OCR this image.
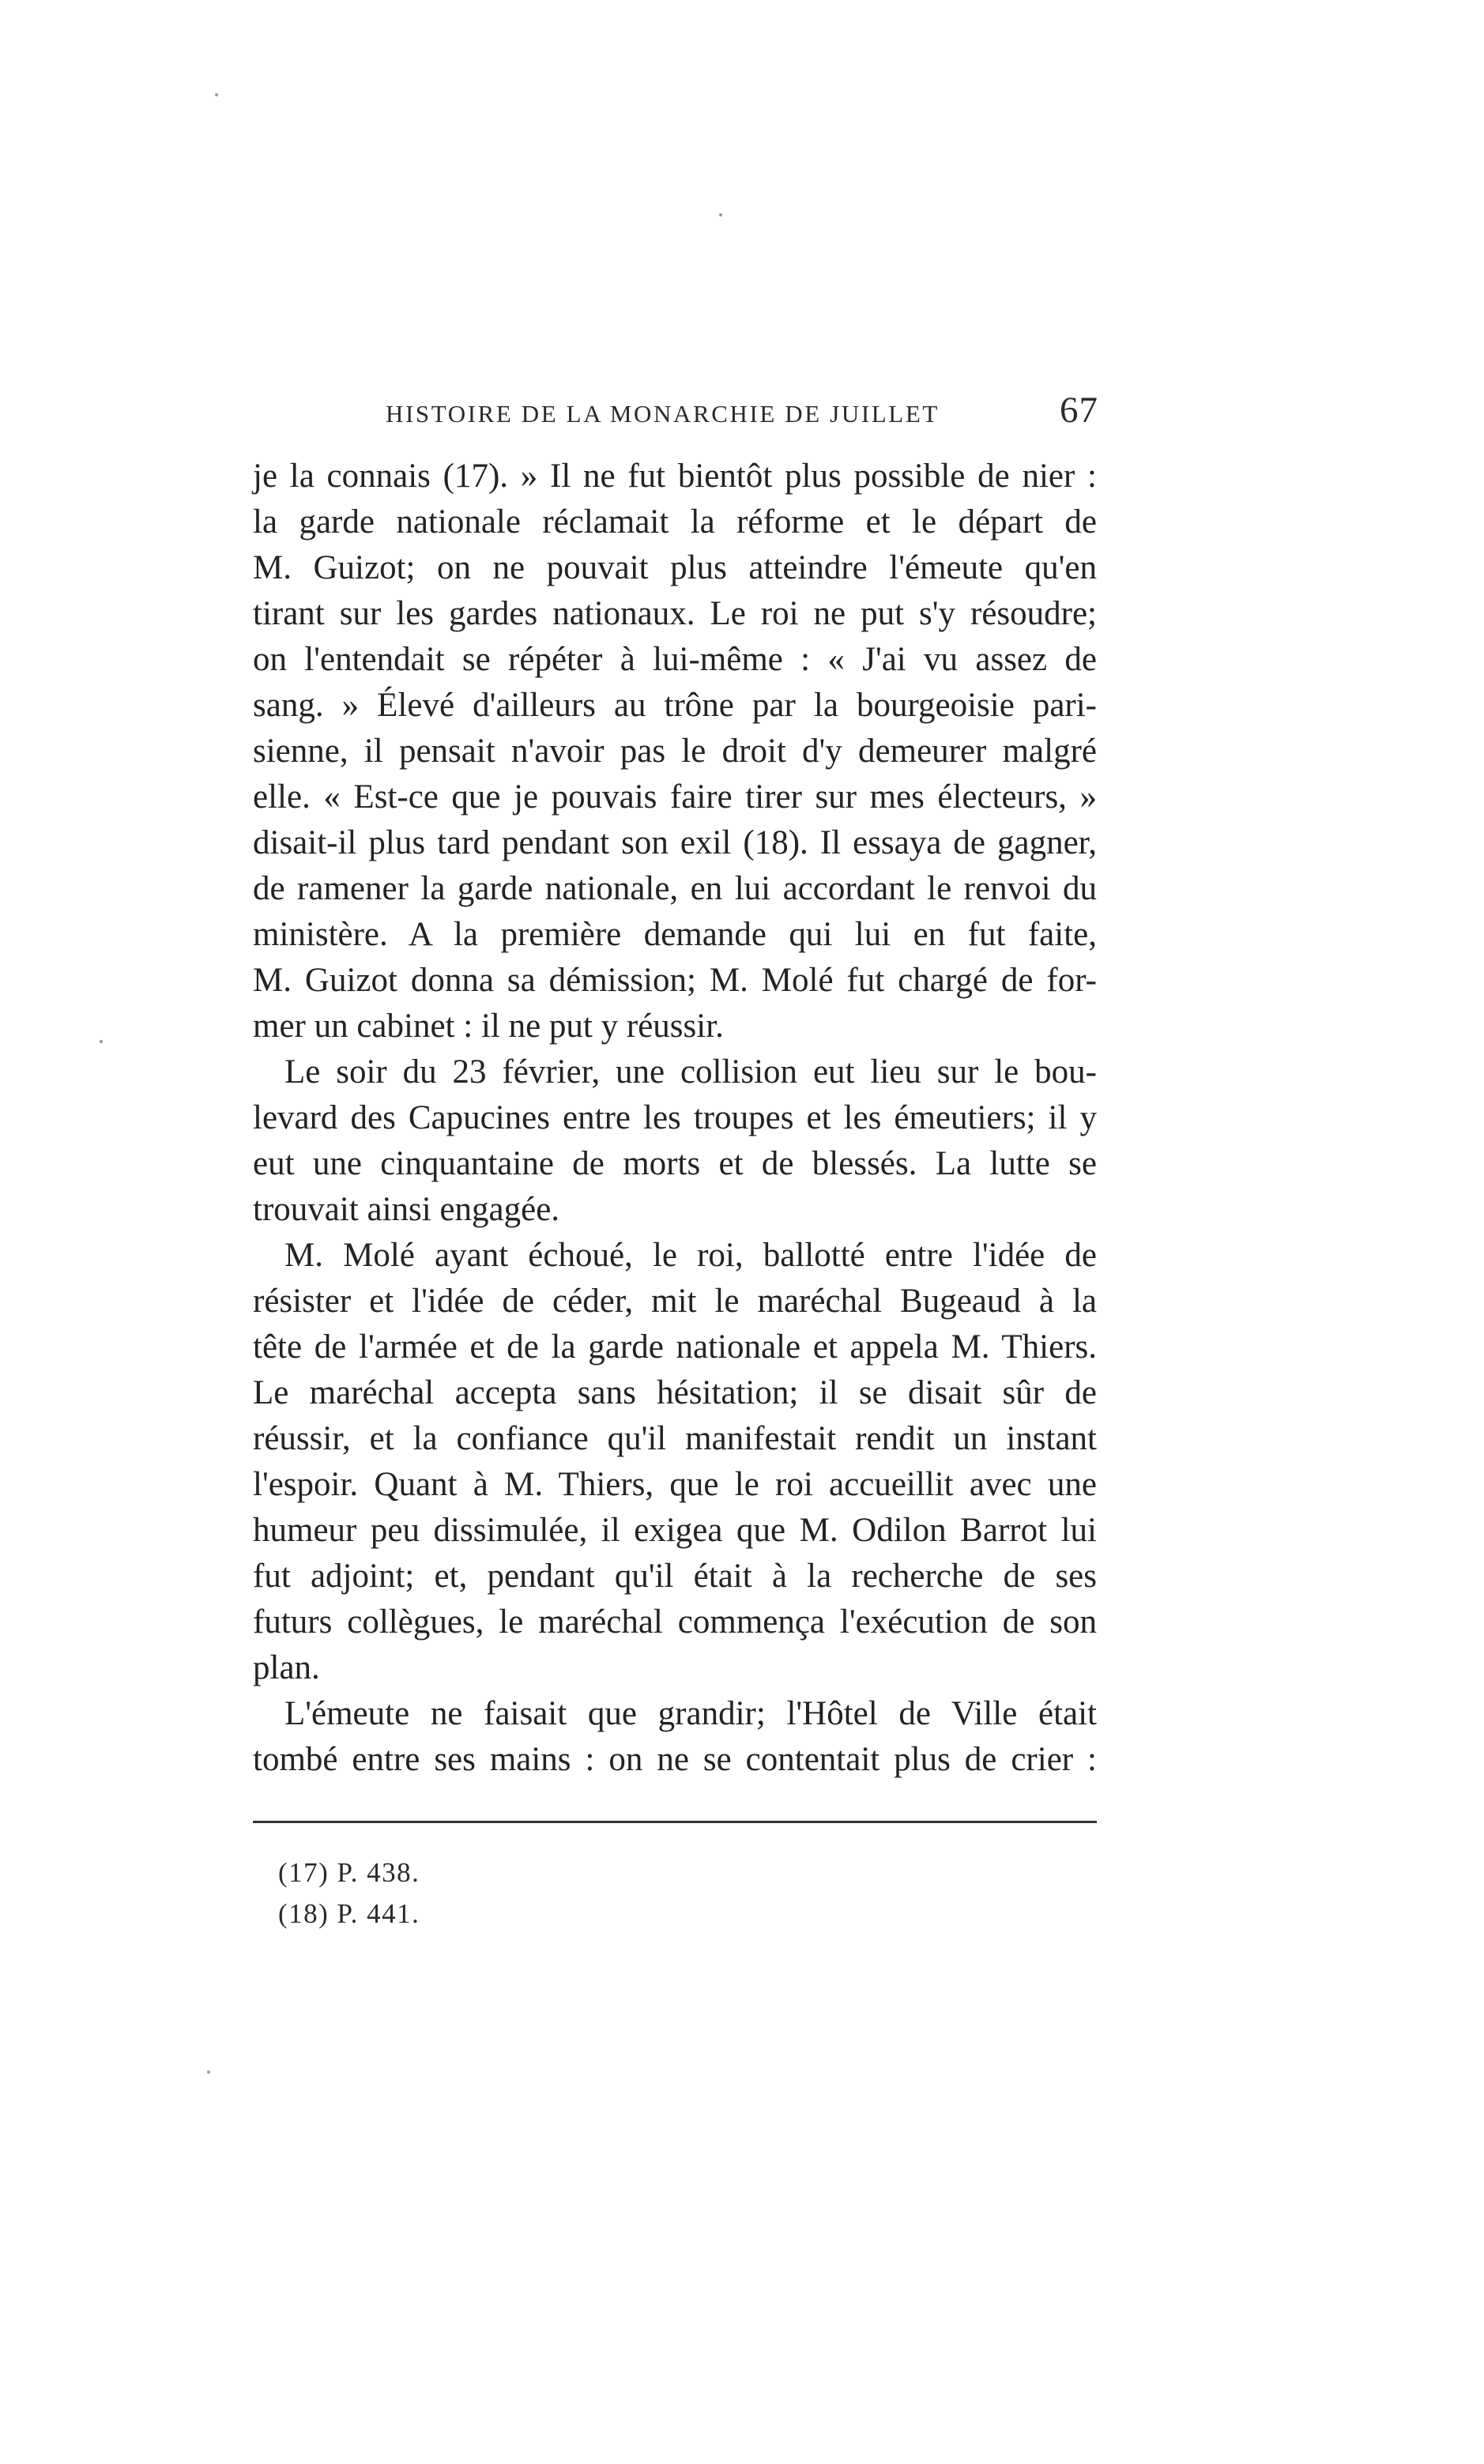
HISTOIRE DE LA MONARCHIE DE JUILLET	67

je la connais (17). » Il ne fut bientôt plus possible de nier :
la garde nationale réclamait la réforme et le départ de
M. Guizot; on ne pouvait plus atteindre l'émeute qu'en
tirant sur les gardes nationaux. Le roi ne put s'y résoudre;
on l'entendait se répéter à lui-même : « J'ai vu assez de
sang. » Élevé d'ailleurs au trône par la bourgeoisie pari-
sienne, il pensait n'avoir pas le droit d'y demeurer malgré
elle. « Est-ce que je pouvais faire tirer sur mes électeurs, »
disait-il plus tard pendant son exil (18). Il essaya de gagner,
de ramener la garde nationale, en lui accordant le renvoi du
ministère. A la première demande qui lui en fut faite,
M. Guizot donna sa démission; M. Molé fut chargé de for-
mer un cabinet : il ne put y réussir.

Le soir du 23 février, une collision eut lieu sur le bou-
levard des Capucines entre les troupes et les émeutiers; il y
eut une cinquantaine de morts et de blessés. La lutte se
trouvait ainsi engagée.

M. Molé ayant échoué, le roi, ballotté entre l'idée de
résister et l'idée de céder, mit le maréchal Bugeaud à la
tête de l'armée et de la garde nationale et appela M. Thiers.
Le maréchal accepta sans hésitation; il se disait sûr de
réussir, et la confiance qu'il manifestait rendit un instant
l'espoir. Quant à M. Thiers, que le roi accueillit avec une
humeur peu dissimulée, il exigea que M. Odilon Barrot lui
fut adjoint; et, pendant qu'il était à la recherche de ses
futurs collègues, le maréchal commença l'exécution de son
plan.

L'émeute ne faisait que grandir; l'Hôtel de Ville était
tombé entre ses mains : on ne se contentait plus de crier :

(17) P. 438.
(18) P. 441.
